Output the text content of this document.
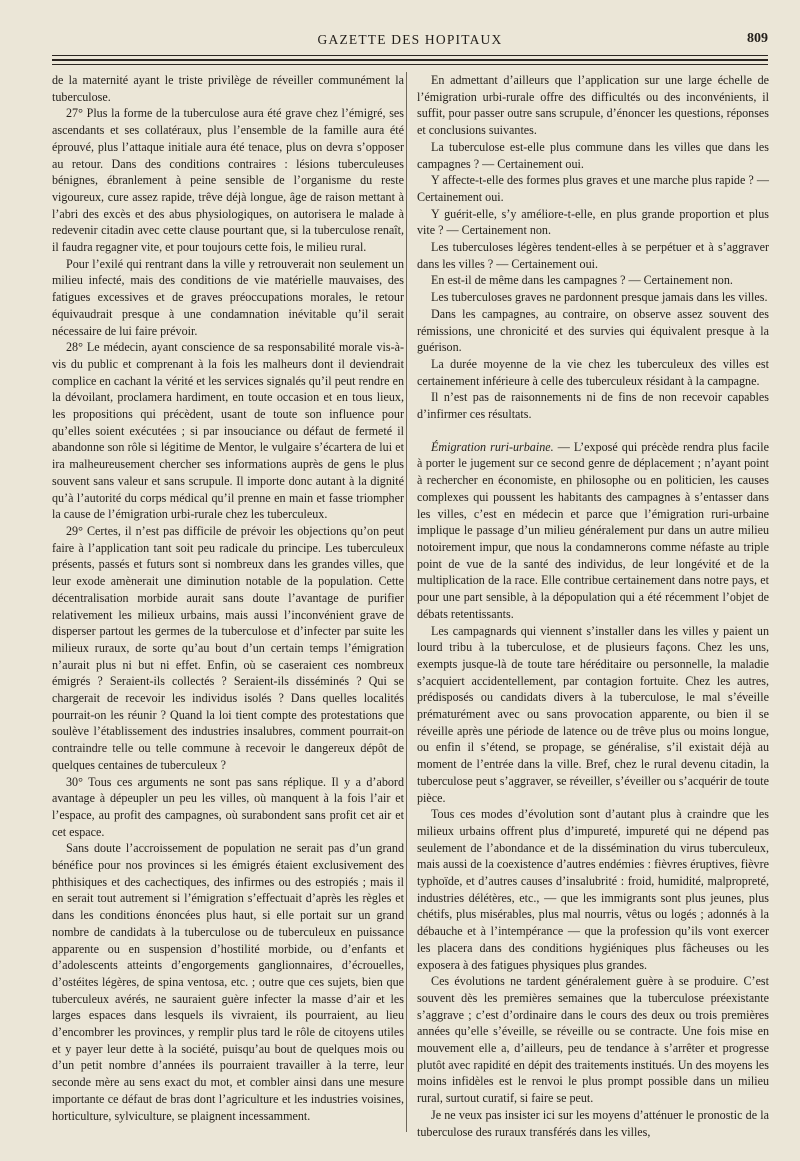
GAZETTE DES HOPITAUX	809

de la maternité ayant le triste privilège de réveiller communément la tuberculose.

27° Plus la forme de la tuberculose aura été grave chez l’émigré, ses ascendants et ses collatéraux, plus l’ensemble de la famille aura été éprouvé, plus l’attaque initiale aura été tenace, plus on devra s’opposer au retour. Dans des conditions contraires : lésions tuberculeuses bénignes, ébranlement à peine sensible de l’organisme du reste vigoureux, cure assez rapide, trêve déjà longue, âge de raison mettant à l’abri des excès et des abus physiologiques, on autorisera le malade à redevenir citadin avec cette clause pourtant que, si la tuberculose renaît, il faudra regagner vite, et pour toujours cette fois, le milieu rural.

Pour l’exilé qui rentrant dans la ville y retrouverait non seulement un milieu infecté, mais des conditions de vie matérielle mauvaises, des fatigues excessives et de graves préoccupations morales, le retour équivaudrait presque à une condamnation inévitable qu’il serait nécessaire de lui faire prévoir.

28° Le médecin, ayant conscience de sa responsabilité morale vis-à-vis du public et comprenant à la fois les malheurs dont il deviendrait complice en cachant la vérité et les services signalés qu’il peut rendre en la dévoilant, proclamera hardiment, en toute occasion et en tous lieux, les propositions qui précèdent, usant de toute son influence pour qu’elles soient exécutées ; si par insouciance ou défaut de fermeté il abandonne son rôle si légitime de Mentor, le vulgaire s’écartera de lui et ira malheureusement chercher ses informations auprès de gens le plus souvent sans valeur et sans scrupule. Il importe donc autant à la dignité qu’à l’autorité du corps médical qu’il prenne en main et fasse triompher la cause de l’émigration urbi-rurale chez les tuberculeux.

29° Certes, il n’est pas difficile de prévoir les objections qu’on peut faire à l’application tant soit peu radicale du principe. Les tuberculeux présents, passés et futurs sont si nombreux dans les grandes villes, que leur exode amènerait une diminution notable de la population. Cette décentralisation morbide aurait sans doute l’avantage de purifier relativement les milieux urbains, mais aussi l’inconvénient grave de disperser partout les germes de la tuberculose et d’infecter par suite les milieux ruraux, de sorte qu’au bout d’un certain temps l’émigration n’aurait plus ni but ni effet. Enfin, où se caseraient ces nombreux émigrés ? Seraient-ils collectés ? Seraient-ils disséminés ? Qui se chargerait de recevoir les individus isolés ? Dans quelles localités pourrait-on les réunir ? Quand la loi tient compte des protestations que soulève l’établissement des industries insalubres, comment pourrait-on contraindre telle ou telle commune à recevoir le dangereux dépôt de quelques centaines de tuberculeux ?

30° Tous ces arguments ne sont pas sans réplique. Il y a d’abord avantage à dépeupler un peu les villes, où manquent à la fois l’air et l’espace, au profit des campagnes, où surabondent sans profit cet air et cet espace.

Sans doute l’accroissement de population ne serait pas d’un grand bénéfice pour nos provinces si les émigrés étaient exclusivement des phthisiques et des cachectiques, des infirmes ou des estropiés ; mais il en serait tout autrement si l’émigration s’effectuait d’après les règles et dans les conditions énoncées plus haut, si elle portait sur un grand nombre de candidats à la tuberculose ou de tuberculeux en puissance apparente ou en suspension d’hostilité morbide, ou d’enfants et d’adolescents atteints d’engorgements ganglionnaires, d’écrouelles, d’ostéites légères, de spina ventosa, etc. ; outre que ces sujets, bien que tuberculeux avérés, ne sauraient guère infecter la masse d’air et les larges espaces dans lesquels ils vivraient, ils pourraient, au lieu d’encombrer les provinces, y remplir plus tard le rôle de citoyens utiles et y payer leur dette à la société, puisqu’au bout de quelques mois ou d’un petit nombre d’années ils pourraient travailler à la terre, leur seconde mère au sens exact du mot, et combler ainsi dans une mesure importante ce défaut de bras dont l’agriculture et les industries voisines, horticulture, sylviculture, se plaignent incessamment.

En admettant d’ailleurs que l’application sur une large échelle de l’émigration urbi-rurale offre des difficultés ou des inconvénients, il suffit, pour passer outre sans scrupule, d’énoncer les questions, réponses et conclusions suivantes.

La tuberculose est-elle plus commune dans les villes que dans les campagnes ? — Certainement oui.

Y affecte-t-elle des formes plus graves et une marche plus rapide ? — Certainement oui.

Y guérit-elle, s’y améliore-t-elle, en plus grande proportion et plus vite ? — Certainement non.

Les tuberculoses légères tendent-elles à se perpétuer et à s’aggraver dans les villes ? — Certainement oui.

En est-il de même dans les campagnes ? — Certainement non.

Les tuberculoses graves ne pardonnent presque jamais dans les villes.

Dans les campagnes, au contraire, on observe assez souvent des rémissions, une chronicité et des survies qui équivalent presque à la guérison.

La durée moyenne de la vie chez les tuberculeux des villes est certainement inférieure à celle des tuberculeux résidant à la campagne.

Il n’est pas de raisonnements ni de fins de non recevoir capables d’infirmer ces résultats.

Émigration ruri-urbaine. — L’exposé qui précède rendra plus facile à porter le jugement sur ce second genre de déplacement ; n’ayant point à rechercher en économiste, en philosophe ou en politicien, les causes complexes qui poussent les habitants des campagnes à s’entasser dans les villes, c’est en médecin et parce que l’émigration ruri-urbaine implique le passage d’un milieu généralement pur dans un autre milieu notoirement impur, que nous la condamnerons comme néfaste au triple point de vue de la santé des individus, de leur longévité et de la multiplication de la race. Elle contribue certainement dans notre pays, et pour une part sensible, à la dépopulation qui a été récemment l’objet de débats retentissants.

Les campagnards qui viennent s’installer dans les villes y paient un lourd tribu à la tuberculose, et de plusieurs façons. Chez les uns, exempts jusque-là de toute tare héréditaire ou personnelle, la maladie s’acquiert accidentellement, par contagion fortuite. Chez les autres, prédisposés ou candidats divers à la tuberculose, le mal s’éveille prématurément avec ou sans provocation apparente, ou bien il se réveille après une période de latence ou de trêve plus ou moins longue, ou enfin il s’étend, se propage, se généralise, s’il existait déjà au moment de l’entrée dans la ville. Bref, chez le rural devenu citadin, la tuberculose peut s’aggraver, se réveiller, s’éveiller ou s’acquérir de toute pièce.

Tous ces modes d’évolution sont d’autant plus à craindre que les milieux urbains offrent plus d’impureté, impureté qui ne dépend pas seulement de l’abondance et de la dissémination du virus tuberculeux, mais aussi de la coexistence d’autres endémies : fièvres éruptives, fièvre typhoïde, et d’autres causes d’insalubrité : froid, humidité, malpropreté, industries délétères, etc., — que les immigrants sont plus jeunes, plus chétifs, plus misérables, plus mal nourris, vêtus ou logés ; adonnés à la débauche et à l’intempérance — que la profession qu’ils vont exercer les placera dans des conditions hygiéniques plus fâcheuses ou les exposera à des fatigues physiques plus grandes.

Ces évolutions ne tardent généralement guère à se produire. C’est souvent dès les premières semaines que la tuberculose préexistante s’aggrave ; c’est d’ordinaire dans le cours des deux ou trois premières années qu’elle s’éveille, se réveille ou se contracte. Une fois mise en mouvement elle a, d’ailleurs, peu de tendance à s’arrêter et progresse plutôt avec rapidité en dépit des traitements institués. Un des moyens les moins infidèles est le renvoi le plus prompt possible dans un milieu rural, surtout curatif, si faire se peut.

Je ne veux pas insister ici sur les moyens d’atténuer le pronostic de la tuberculose des ruraux transférés dans les villes,
